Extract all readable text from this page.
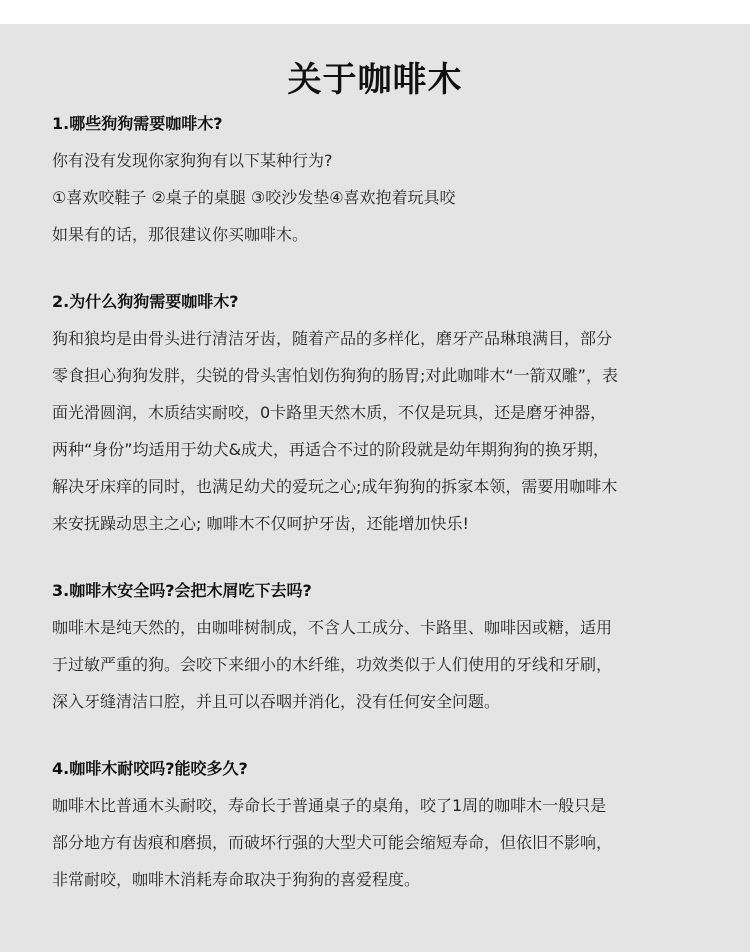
关于咖啡木
1.哪些狗狗需要咖啡木?
你有没有发现你家狗狗有以下某种行为?
①喜欢咬鞋子 ②桌子的桌腿 ③咬沙发垫④喜欢抱着玩具咬
如果有的话，那很建议你买咖啡木。
2.为什么狗狗需要咖啡木?
狗和狼均是由骨头进行清洁牙齿，随着产品的多样化，磨牙产品琳琅满目，部分
零食担心狗狗发胖，尖锐的骨头害怕划伤狗狗的肠胃;对此咖啡木“一箭双雕”，表
面光滑圆润，木质结实耐咬，0卡路里天然木质，不仅是玩具，还是磨牙神器，
两种“身份”均适用于幼犬&成犬，再适合不过的阶段就是幼年期狗狗的换牙期，
解决牙床痒的同时，也满足幼犬的爱玩之心;成年狗狗的拆家本领，需要用咖啡木
来安抚躁动思主之心; 咖啡木不仅呵护牙齿，还能增加快乐!
3.咖啡木安全吗?会把木屑吃下去吗?
咖啡木是纯天然的，由咖啡树制成，不含人工成分、卡路里、咖啡因或糖，适用
于过敏严重的狗。会咬下来细小的木纤维，功效类似于人们使用的牙线和牙刷，
深入牙缝清洁口腔，并且可以吞咽并消化，没有任何安全问题。
4.咖啡木耐咬吗?能咬多久?
咖啡木比普通木头耐咬，寿命长于普通桌子的桌角，咬了1周的咖啡木一般只是
部分地方有齿痕和磨损，而破坏行强的大型犬可能会缩短寿命，但依旧不影响，
非常耐咬，咖啡木消耗寿命取决于狗狗的喜爱程度。
